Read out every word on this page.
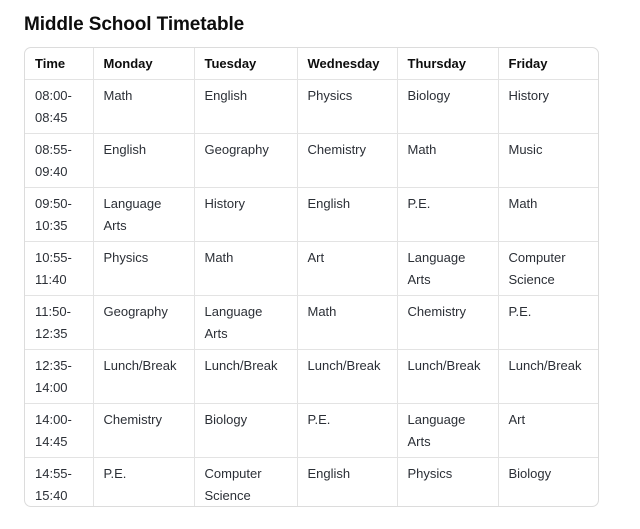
Middle School Timetable
Time	Monday	Tuesday	Wednesday	Thursday	Friday
08:00-08:45	Math	English	Physics	Biology	History
08:55-09:40	English	Geography	Chemistry	Math	Music
09:50-10:35	Language Arts	History	English	P.E.	Math
10:55-11:40	Physics	Math	Art	Language Arts	Computer Science
11:50-12:35	Geography	Language Arts	Math	Chemistry	P.E.
12:35-14:00	Lunch/Break	Lunch/Break	Lunch/Break	Lunch/Break	Lunch/Break
14:00-14:45	Chemistry	Biology	P.E.	Language Arts	Art
14:55-15:40	P.E.	Computer Science	English	Physics	Biology
